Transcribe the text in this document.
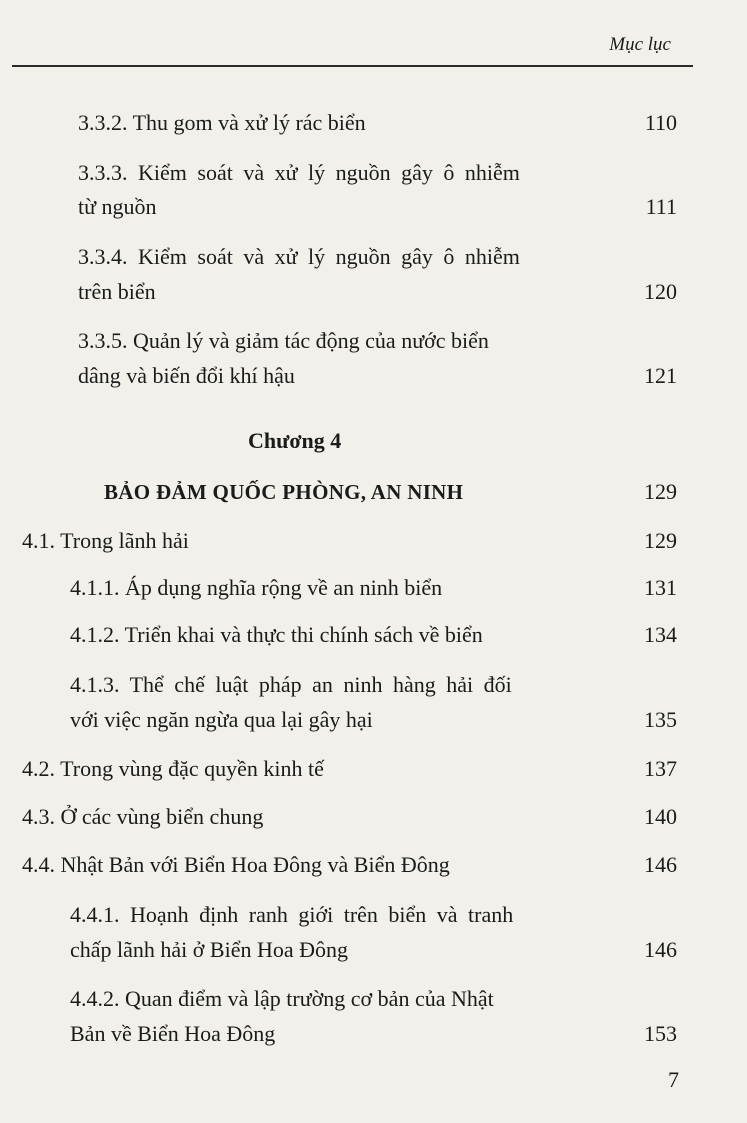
Mục lục
3.3.2. Thu gom và xử lý rác biển	110
3.3.3. Kiểm soát và xử lý nguồn gây ô nhiễm
từ nguồn	111
3.3.4. Kiểm soát và xử lý nguồn gây ô nhiễm
trên biển	120
3.3.5. Quản lý và giảm tác động của nước biển
dâng và biến đổi khí hậu	121
Chương 4
BẢO ĐẢM QUỐC PHÒNG, AN NINH	129
4.1. Trong lãnh hải	129
4.1.1. Áp dụng nghĩa rộng về an ninh biển	131
4.1.2. Triển khai và thực thi chính sách về biển	134
4.1.3. Thể chế luật pháp an ninh hàng hải đối
với việc ngăn ngừa qua lại gây hại	135
4.2. Trong vùng đặc quyền kinh tế	137
4.3. Ở các vùng biển chung	140
4.4. Nhật Bản với Biển Hoa Đông và Biển Đông	146
4.4.1. Hoạnh định ranh giới trên biển và tranh
chấp lãnh hải ở Biển Hoa Đông	146
4.4.2. Quan điểm và lập trường cơ bản của Nhật
Bản về Biển Hoa Đông	153
7
